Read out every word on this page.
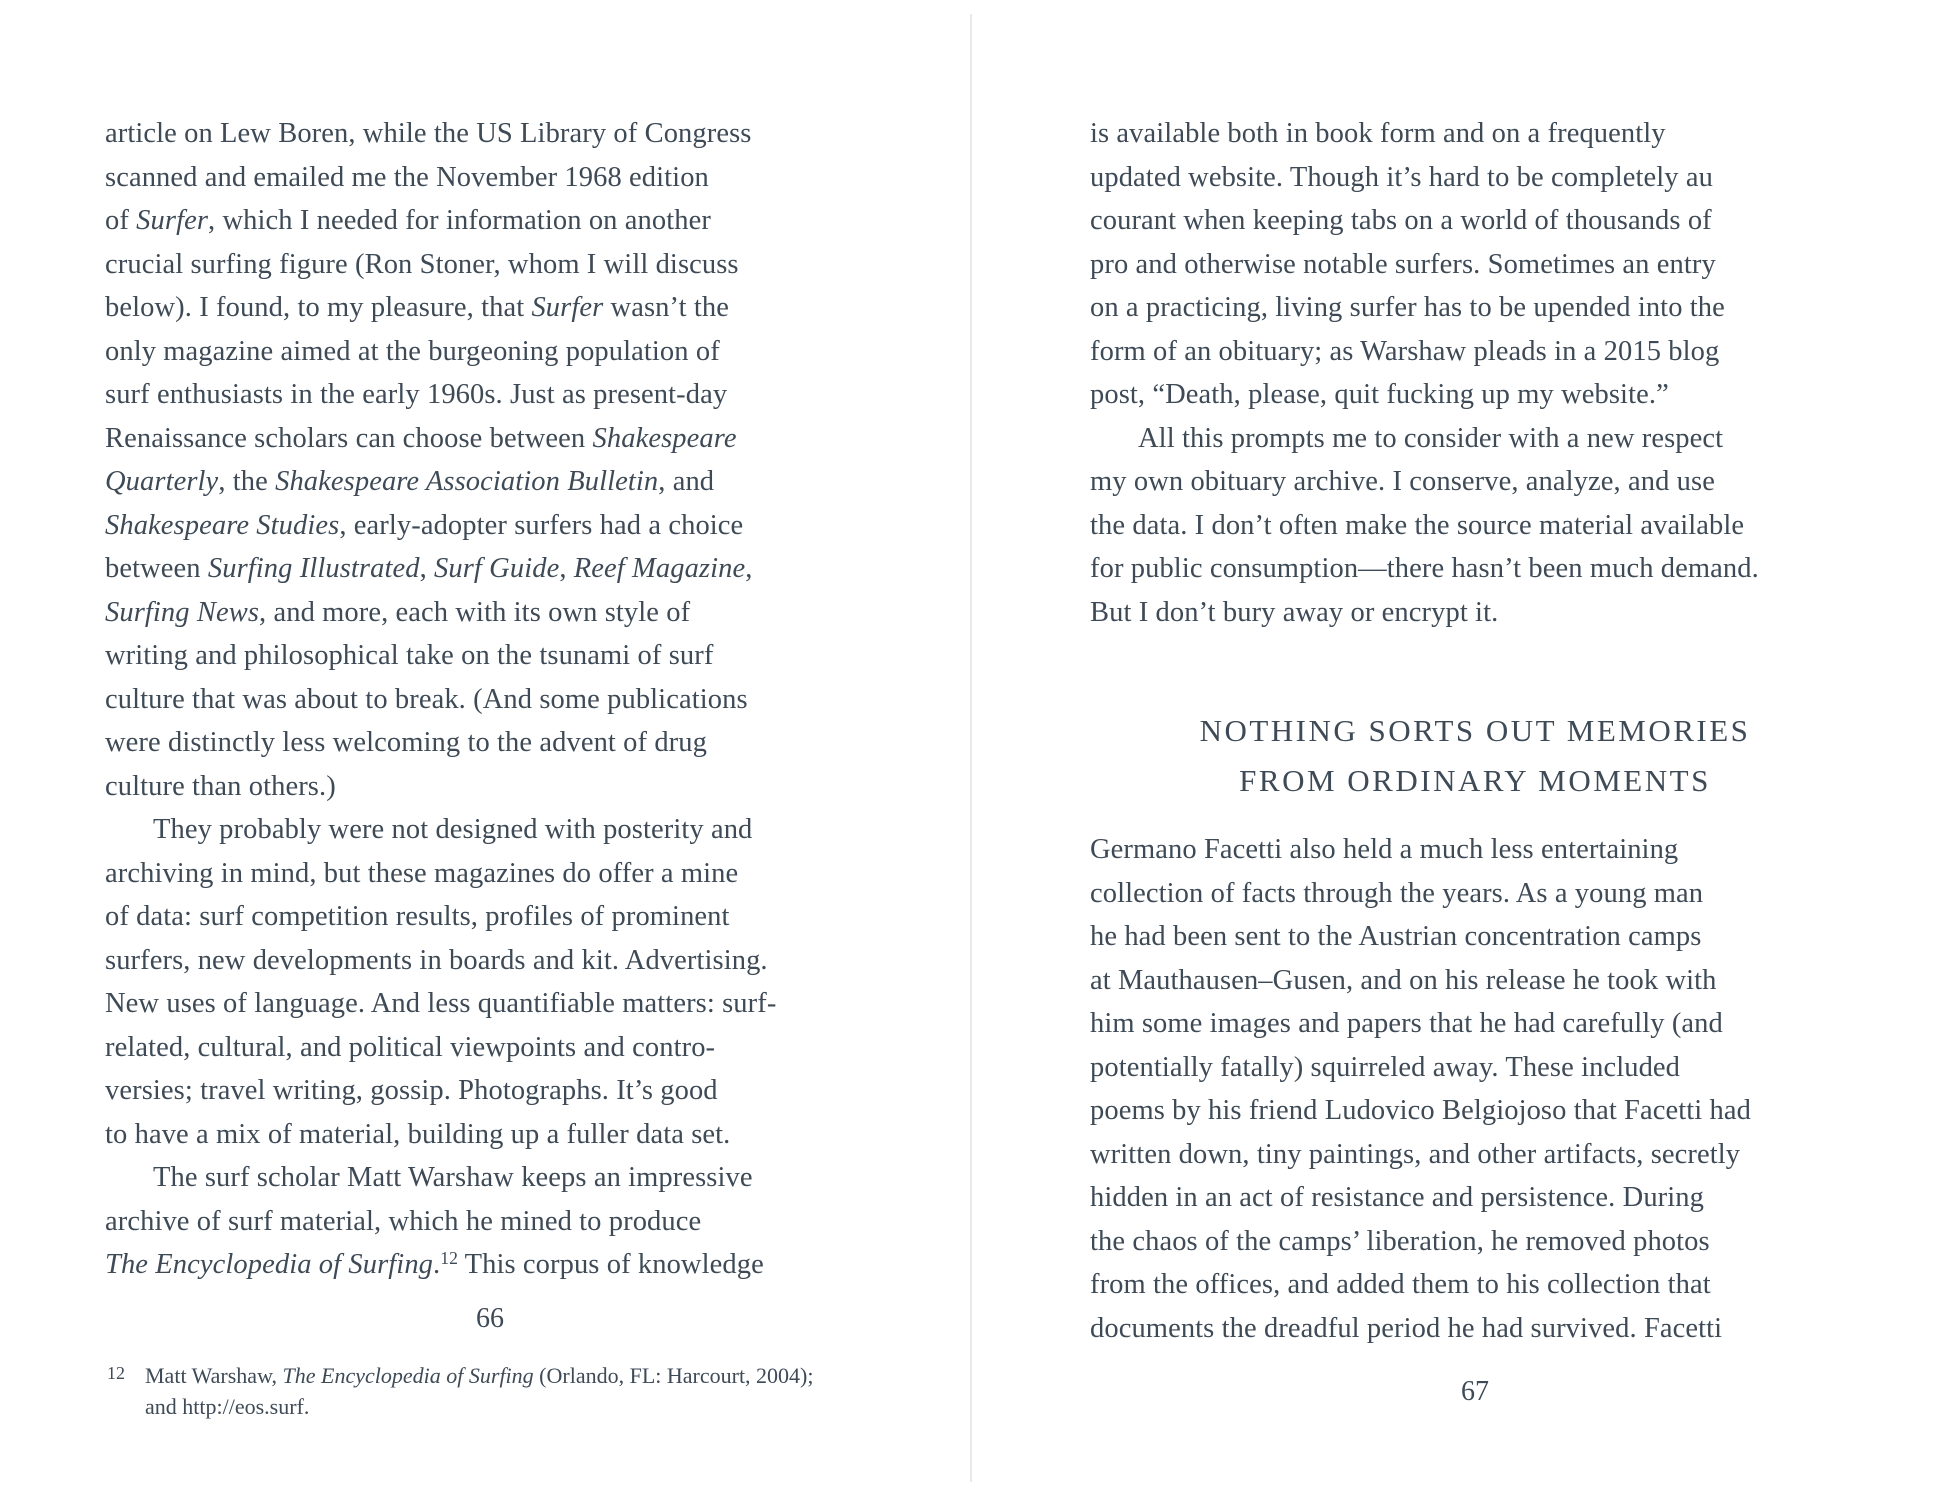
article on Lew Boren, while the US Library of Congress
scanned and emailed me the November 1968 edition
of Surfer, which I needed for information on another
crucial surfing figure (Ron Stoner, whom I will discuss
below). I found, to my pleasure, that Surfer wasn’t the
only magazine aimed at the burgeoning population of
surf enthusiasts in the early 1960s. Just as present-day
Renaissance scholars can choose between Shakespeare
Quarterly, the Shakespeare Association Bulletin, and
Shakespeare Studies, early-adopter surfers had a choice
between Surfing Illustrated, Surf Guide, Reef Magazine,
Surfing News, and more, each with its own style of
writing and philosophical take on the tsunami of surf
culture that was about to break. (And some publications
were distinctly less welcoming to the advent of drug
culture than others.)
They probably were not designed with posterity and
archiving in mind, but these magazines do offer a mine
of data: surf competition results, profiles of prominent
surfers, new developments in boards and kit. Advertising.
New uses of language. And less quantifiable matters: surf-
related, cultural, and political viewpoints and contro-
versies; travel writing, gossip. Photographs. It’s good
to have a mix of material, building up a fuller data set.
The surf scholar Matt Warshaw keeps an impressive
archive of surf material, which he mined to produce
The Encyclopedia of Surfing.$^{12}$ This corpus of knowledge
66
12 Matt Warshaw, The Encyclopedia of Surfing (Orlando, FL: Harcourt, 2004);
and http://eos.surf.
is available both in book form and on a frequently
updated website. Though it’s hard to be completely au
courant when keeping tabs on a world of thousands of
pro and otherwise notable surfers. Sometimes an entry
on a practicing, living surfer has to be upended into the
form of an obituary; as Warshaw pleads in a 2015 blog
post, “Death, please, quit fucking up my website.”
All this prompts me to consider with a new respect
my own obituary archive. I conserve, analyze, and use
the data. I don’t often make the source material available
for public consumption—there hasn’t been much demand.
But I don’t bury away or encrypt it.
NOTHING SORTS OUT MEMORIES
FROM ORDINARY MOMENTS
Germano Facetti also held a much less entertaining
collection of facts through the years. As a young man
he had been sent to the Austrian concentration camps
at Mauthausen–Gusen, and on his release he took with
him some images and papers that he had carefully (and
potentially fatally) squirreled away. These included
poems by his friend Ludovico Belgiojoso that Facetti had
written down, tiny paintings, and other artifacts, secretly
hidden in an act of resistance and persistence. During
the chaos of the camps’ liberation, he removed photos
from the offices, and added them to his collection that
documents the dreadful period he had survived. Facetti
67
